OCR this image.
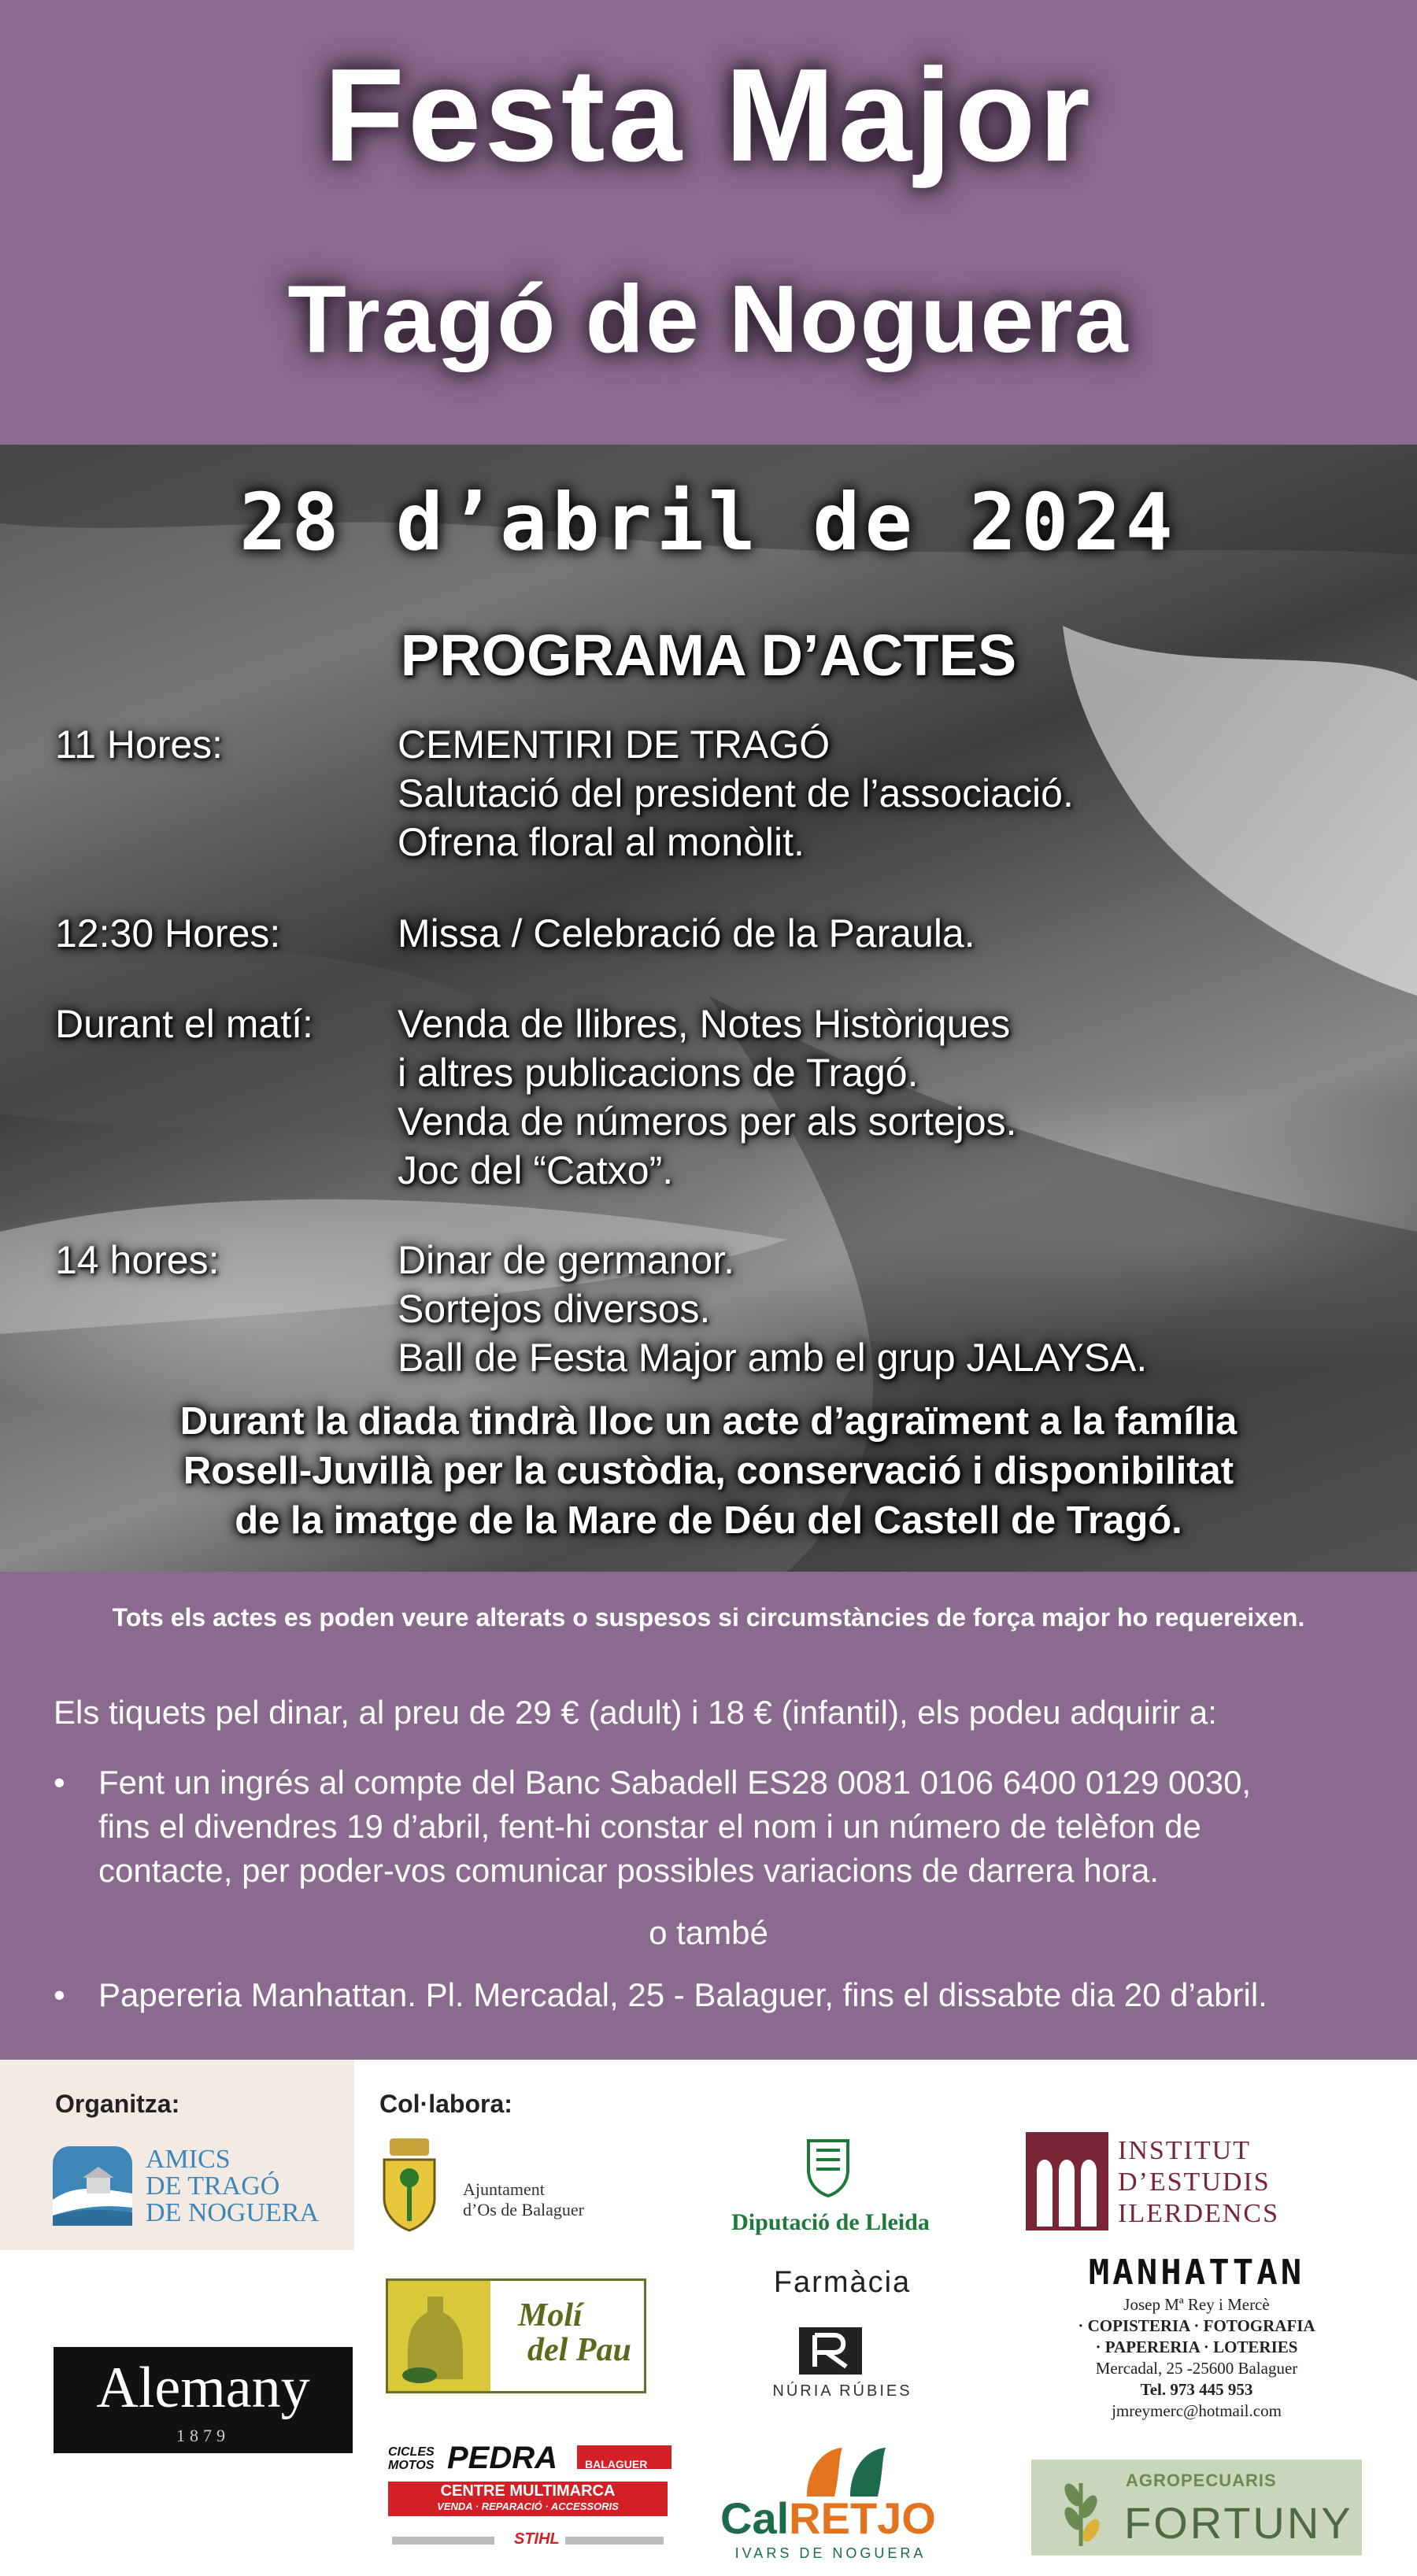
Festa Major
Tragó de Noguera
28 d’abril de 2024
PROGRAMA D’ACTES
11 Hores:	CEMENTIRI DE TRAGÓ
Salutació del president de l’associació.
Ofrena floral al monòlit.
12:30 Hores:	Missa / Celebració de la Paraula.
Durant el matí:	Venda de llibres, Notes Històriques
i altres publicacions de Tragó.
Venda de números per als sortejos.
Joc del “Catxo”.
14 hores:	Dinar de germanor.
Sortejos diversos.
Ball de Festa Major amb el grup JALAYSA.
Durant la diada tindrà lloc un acte d’agraïment a la família
Rosell-Juvillà per la custòdia, conservació i disponibilitat
de la imatge de la Mare de Déu del Castell de Tragó.
Tots els actes es poden veure alterats o suspesos si circumstàncies de força major ho requereixen.
Els tiquets pel dinar, al preu de 29 € (adult) i 18 € (infantil), els podeu adquirir a:
•	Fent un ingrés al compte del Banc Sabadell ES28 0081 0106 6400 0129 0030,
fins el divendres 19 d’abril, fent-hi constar el nom i un número de telèfon de
contacte, per poder-vos comunicar possibles variacions de darrera hora.
o també
•	Papereria Manhattan. Pl. Mercadal, 25 - Balaguer, fins el dissabte dia 20 d’abril.
Organitza:
AMICS
DE TRAGÓ
DE NOGUERA
Col·labora:
Ajuntament
d’Os de Balaguer	Diputació de Lleida
INSTITUT
D’ESTUDIS
ILERDENCS
Alemany
1879
Molí
del Pau
Farmàcia
NÚRIA RÚBIES
MANHATTAN
Josep Mª Rey i Mercè
· COPISTERIA · FOTOGRAFIA
· PAPERERIA · LOTERIES
Mercadal, 25 -25600 Balaguer
Tel. 973 445 953
jmreymerc@hotmail.com
CICLES
MOTOS PEDRA BALAGUER
CENTRE MULTIMARCA
VENDA · REPARACIÓ · ACCESSORIS
STIHL	CalRETJO
IVARS DE NOGUERA
AGROPECUARIS
FORTUNY
